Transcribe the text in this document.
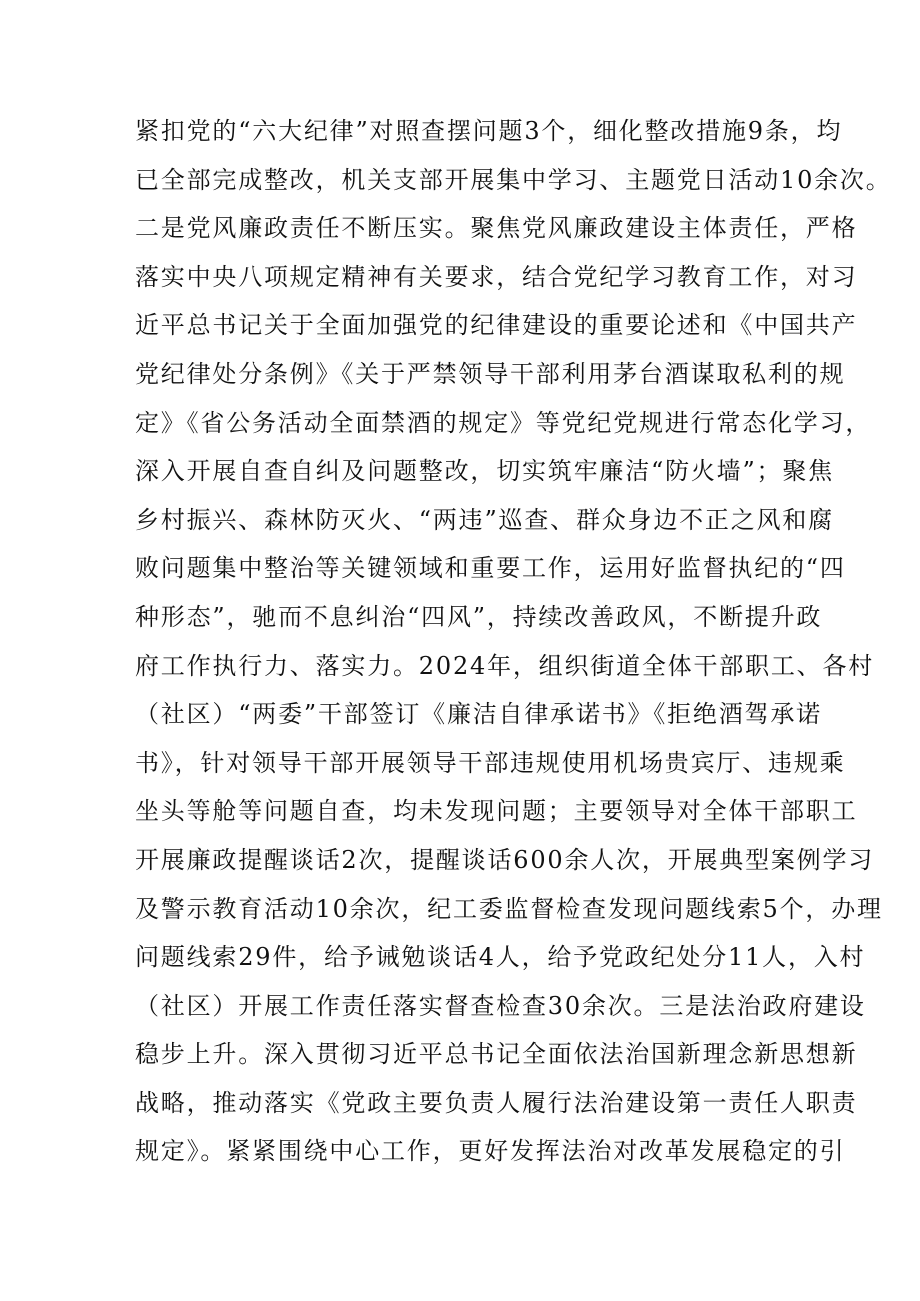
紧扣党的“六大纪律”对照查摆问题3个，细化整改措施9条，均
已全部完成整改，机关支部开展集中学习、主题党日活动10余次。
二是党风廉政责任不断压实。聚焦党风廉政建设主体责任，严格
落实中央八项规定精神有关要求，结合党纪学习教育工作，对习
近平总书记关于全面加强党的纪律建设的重要论述和《中国共产
党纪律处分条例》《关于严禁领导干部利用茅台酒谋取私利的规
定》《省公务活动全面禁酒的规定》等党纪党规进行常态化学习，
深入开展自查自纠及问题整改，切实筑牢廉洁“防火墙”；聚焦
乡村振兴、森林防灭火、“两违”巡查、群众身边不正之风和腐
败问题集中整治等关键领域和重要工作，运用好监督执纪的“四
种形态”，驰而不息纠治“四风”，持续改善政风，不断提升政
府工作执行力、落实力。2024年，组织街道全体干部职工、各村
（社区）“两委”干部签订《廉洁自律承诺书》《拒绝酒驾承诺
书》，针对领导干部开展领导干部违规使用机场贵宾厅、违规乘
坐头等舱等问题自查，均未发现问题；主要领导对全体干部职工
开展廉政提醒谈话2次，提醒谈话600余人次，开展典型案例学习
及警示教育活动10余次，纪工委监督检查发现问题线索5个，办理
问题线索29件，给予诫勉谈话4人，给予党政纪处分11人，入村
（社区）开展工作责任落实督查检查30余次。三是法治政府建设
稳步上升。深入贯彻习近平总书记全面依法治国新理念新思想新
战略，推动落实《党政主要负责人履行法治建设第一责任人职责
规定》。紧紧围绕中心工作，更好发挥法治对改革发展稳定的引
